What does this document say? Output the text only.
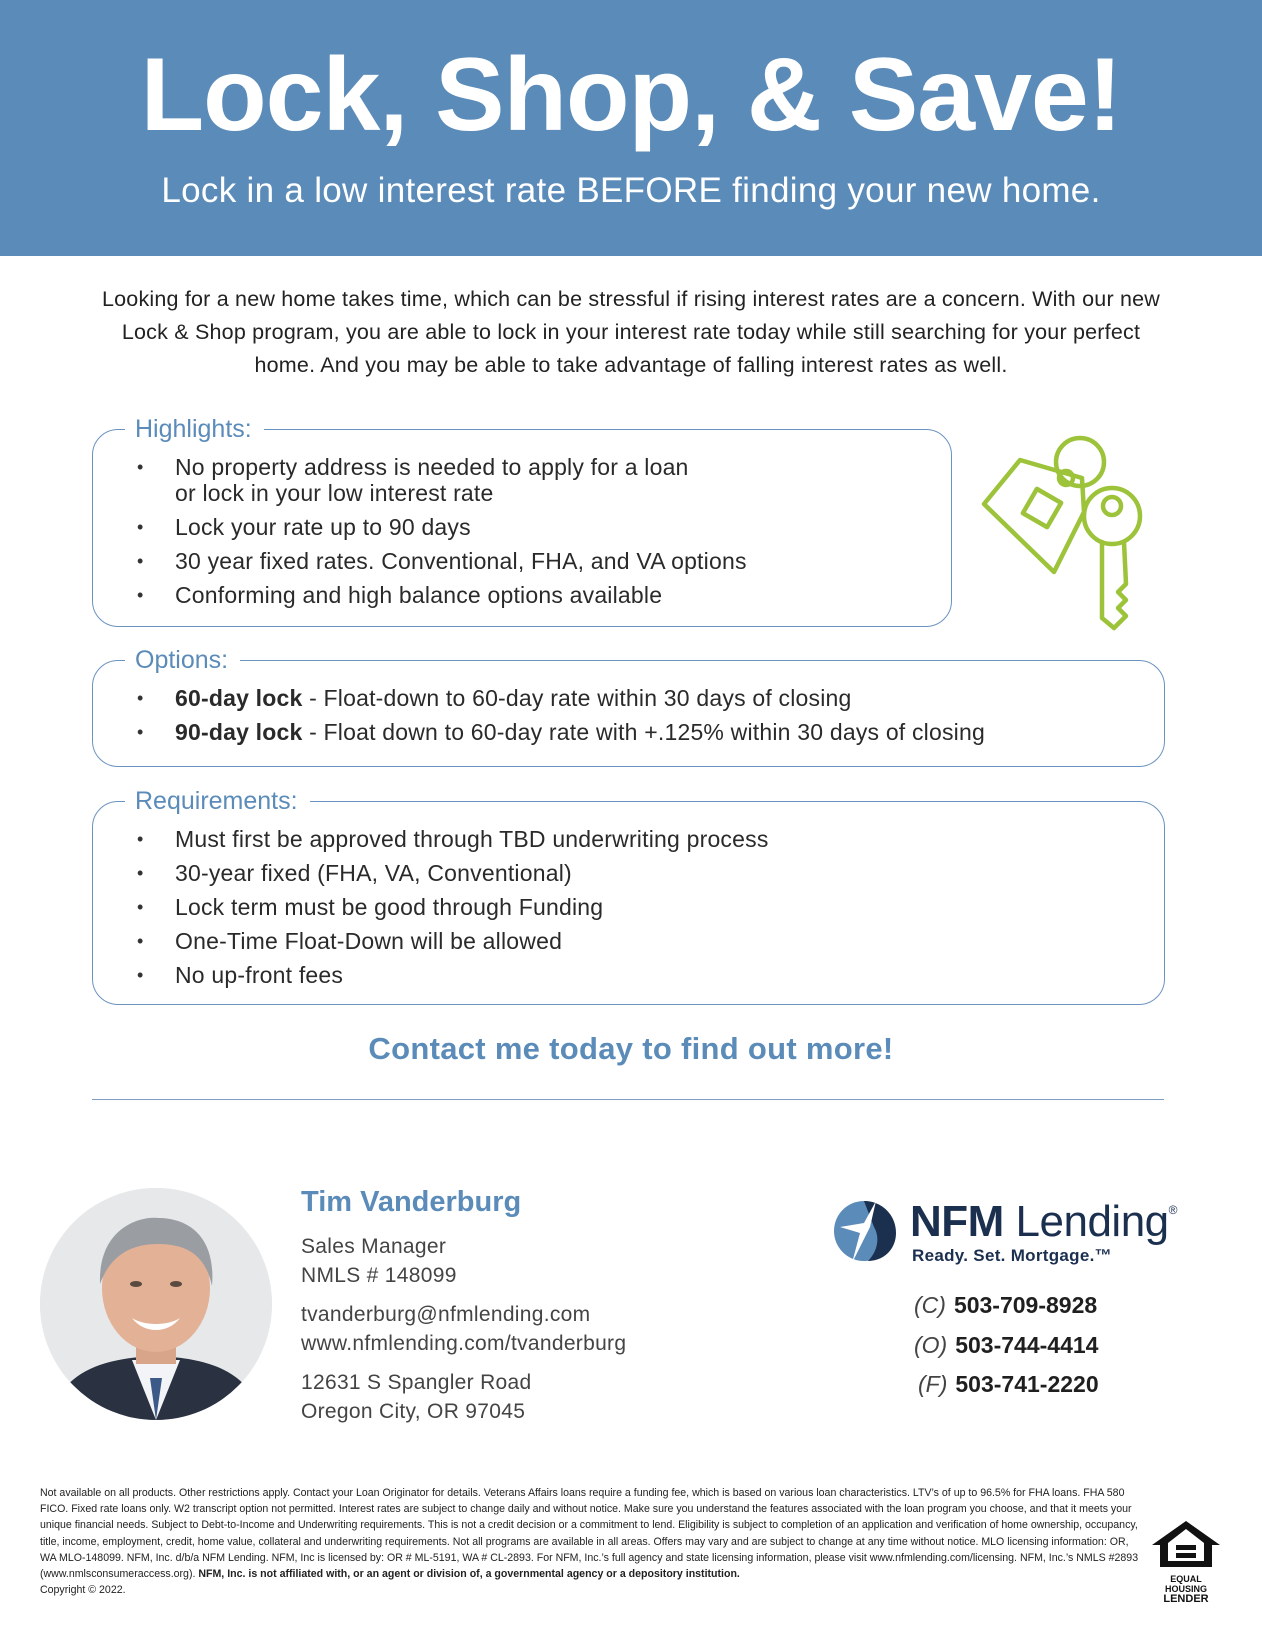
Lock, Shop, & Save!
Lock in a low interest rate BEFORE finding your new home.
Looking for a new home takes time, which can be stressful if rising interest rates are a concern. With our new Lock & Shop program, you are able to lock in your interest rate today while still searching for your perfect home. And you may be able to take advantage of falling interest rates as well.
Highlights:
• No property address is needed to apply for a loan or lock in your low interest rate
• Lock your rate up to 90 days
• 30 year fixed rates. Conventional, FHA, and VA options
• Conforming and high balance options available
Options:
• 60-day lock - Float-down to 60-day rate within 30 days of closing
• 90-day lock - Float down to 60-day rate with +.125% within 30 days of closing
Requirements:
• Must first be approved through TBD underwriting process
• 30-year fixed (FHA, VA, Conventional)
• Lock term must be good through Funding
• One-Time Float-Down will be allowed
• No up-front fees
Contact me today to find out more!
Tim Vanderburg
Sales Manager
NMLS # 148099
tvanderburg@nfmlending.com
www.nfmlending.com/tvanderburg
12631 S Spangler Road
Oregon City, OR 97045
NFM Lending®
Ready. Set. Mortgage.™
(C) 503-709-8928
(O) 503-744-4414
(F) 503-741-2220
Not available on all products. Other restrictions apply. Contact your Loan Originator for details. Veterans Affairs loans require a funding fee, which is based on various loan characteristics. LTV’s of up to 96.5% for FHA loans. FHA 580 FICO. Fixed rate loans only. W2 transcript option not permitted. Interest rates are subject to change daily and without notice. Make sure you understand the features associated with the loan program you choose, and that it meets your unique financial needs. Subject to Debt-to-Income and Underwriting requirements. This is not a credit decision or a commitment to lend. Eligibility is subject to completion of an application and verification of home ownership, occupancy, title, income, employment, credit, home value, collateral and underwriting requirements. Not all programs are available in all areas. Offers may vary and are subject to change at any time without notice. MLO licensing information: OR, WA MLO-148099. NFM, Inc. d/b/a NFM Lending. NFM, Inc is licensed by: OR # ML-5191, WA # CL-2893. For NFM, Inc.’s full agency and state licensing information, please visit www.nfmlending.com/licensing. NFM, Inc.’s NMLS #2893 (www.nmlsconsumeraccess.org). NFM, Inc. is not affiliated with, or an agent or division of, a governmental agency or a depository institution.
Copyright © 2022.
EQUAL HOUSING
LENDER
